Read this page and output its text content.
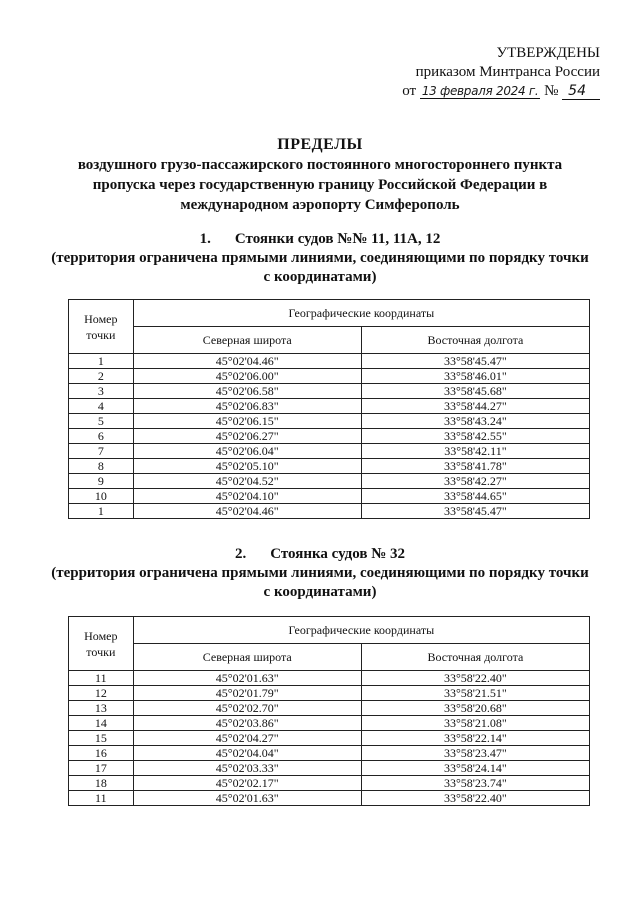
УТВЕРЖДЕНЫ
приказом Минтранса России
от 13 февраля 2024 г. № 54
ПРЕДЕЛЫ
воздушного грузо-пассажирского постоянного многостороннего пункта
пропуска через государственную границу Российской Федерации в
международном аэропорту Симферополь
1. Стоянки судов №№ 11, 11А, 12
(территория ограничена прямыми линиями, соединяющими по порядку точки
с координатами)
Номер точки	Географические координаты	
	Северная широта	Восточная долгота
1	45°02'04.46"	33°58'45.47"
2	45°02'06.00"	33°58'46.01"
3	45°02'06.58"	33°58'45.68"
4	45°02'06.83"	33°58'44.27"
5	45°02'06.15"	33°58'43.24"
6	45°02'06.27"	33°58'42.55"
7	45°02'06.04"	33°58'42.11"
8	45°02'05.10"	33°58'41.78"
9	45°02'04.52"	33°58'42.27"
10	45°02'04.10"	33°58'44.65"
1	45°02'04.46"	33°58'45.47"
2. Стоянка судов № 32
(территория ограничена прямыми линиями, соединяющими по порядку точки
с координатами)
Номер точки	Географические координаты	
	Северная широта	Восточная долгота
11	45°02'01.63"	33°58'22.40"
12	45°02'01.79"	33°58'21.51"
13	45°02'02.70"	33°58'20.68"
14	45°02'03.86"	33°58'21.08"
15	45°02'04.27"	33°58'22.14"
16	45°02'04.04"	33°58'23.47"
17	45°02'03.33"	33°58'24.14"
18	45°02'02.17"	33°58'23.74"
11	45°02'01.63"	33°58'22.40"
